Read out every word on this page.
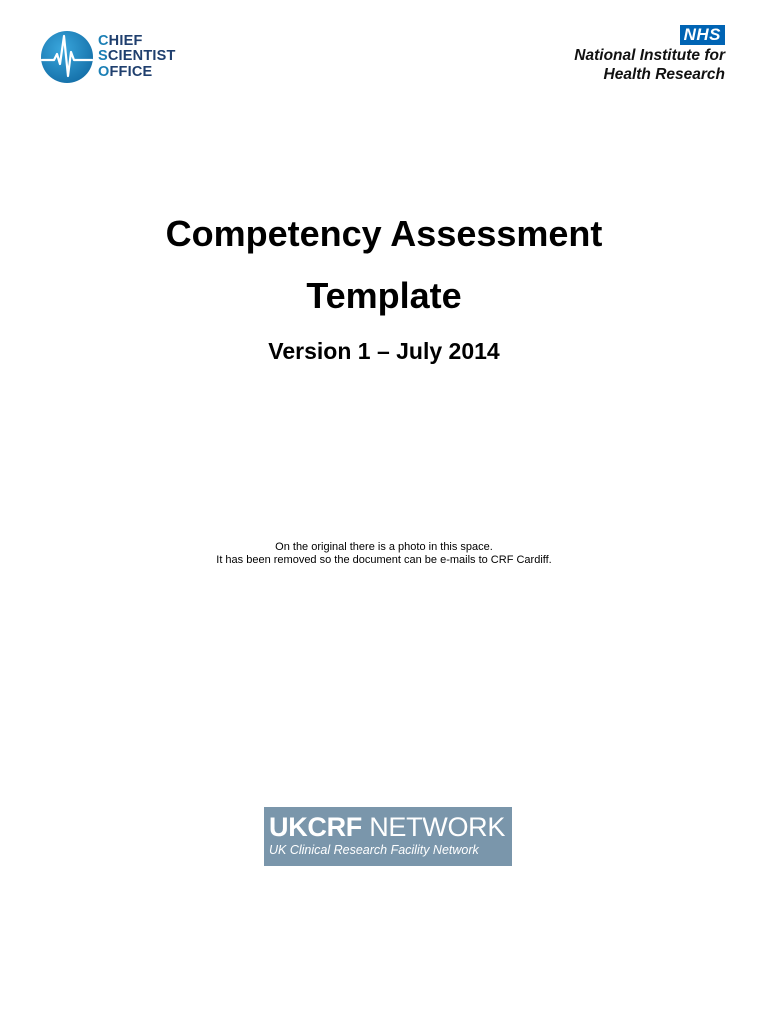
CHIEF
SCIENTIST
OFFICE
NHS
National Institute for
Health Research
Competency Assessment
Template
Version 1 – July 2014
On the original there is a photo in this space.
It has been removed so the document can be e-mails to CRF Cardiff.
UKCRF NETWORK
UK Clinical Research Facility Network
